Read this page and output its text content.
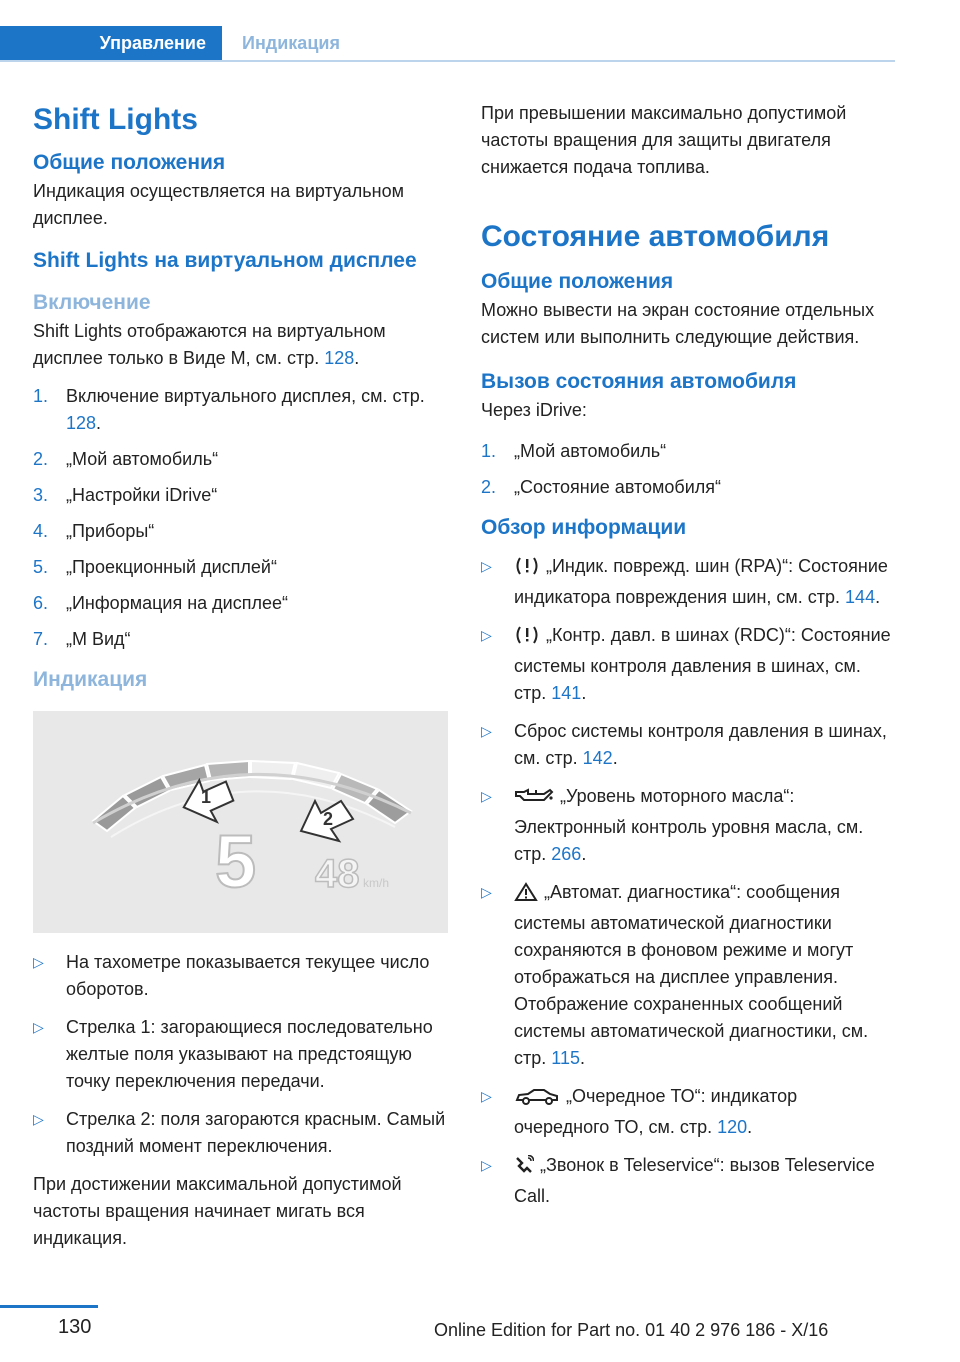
Управление	Индикация
Shift Lights
Общие положения

Индикация осуществляется на виртуальном дисплее.

Shift Lights на виртуальном дисплее
Включение

Shift Lights отображаются на виртуальном дисплее только в Виде M, см. стр. 128.

1. Включение виртуального дисплея, см. стр. 128.
2. „Мой автомобиль“
3. „Настройки iDrive“
4. „Приборы“
5. „Проекционный дисплей“
6. „Информация на дисплее“
7. „M Вид“
Индикация
1
2
5 48 km/h
▷ На тахометре показывается текущее число оборотов.
▷ Стрелка 1: загорающиеся последовательно желтые поля указывают на предстоящую точку переключения передачи.
▷ Стрелка 2: поля загораются красным. Самый поздний момент переключения.

При достижении максимальной допустимой частоты вращения начинает мигать вся индикация.

При превышении максимально допустимой частоты вращения для защиты двигателя снижается подача топлива.

Состояние автомобиля
Общие положения

Можно вывести на экран состояние отдельных систем или выполнить следующие действия.

Вызов состояния автомобиля

Через iDrive:

1. „Мой автомобиль“
2. „Состояние автомобиля“
Обзор информации
▷	„Индик. поврежд. шин (RPA)“: Состояние индикатора повреждения шин, см. стр. 144.
▷	„Контр. давл. в шинах (RDC)“: Состояние системы контроля давления в шинах, см. стр. 141.
▷ Сброс системы контроля давления в шинах, см. стр. 142.
▷	„Уровень моторного масла“: Электронный контроль уровня масла, см. стр. 266.
▷	„Автомат. диагностика“: сообщения системы автоматической диагностики сохраняются в фоновом режиме и могут отображаться на дисплее управления. Отображение сохраненных сообщений системы автоматической диагностики, см. стр. 115.
▷	„Очередное ТО“: индикатор очередного ТО, см. стр. 120.
▷	„Звонок в Teleservice“: вызов Teleservice Call.
130	Online Edition for Part no. 01 40 2 976 186 - X/16
